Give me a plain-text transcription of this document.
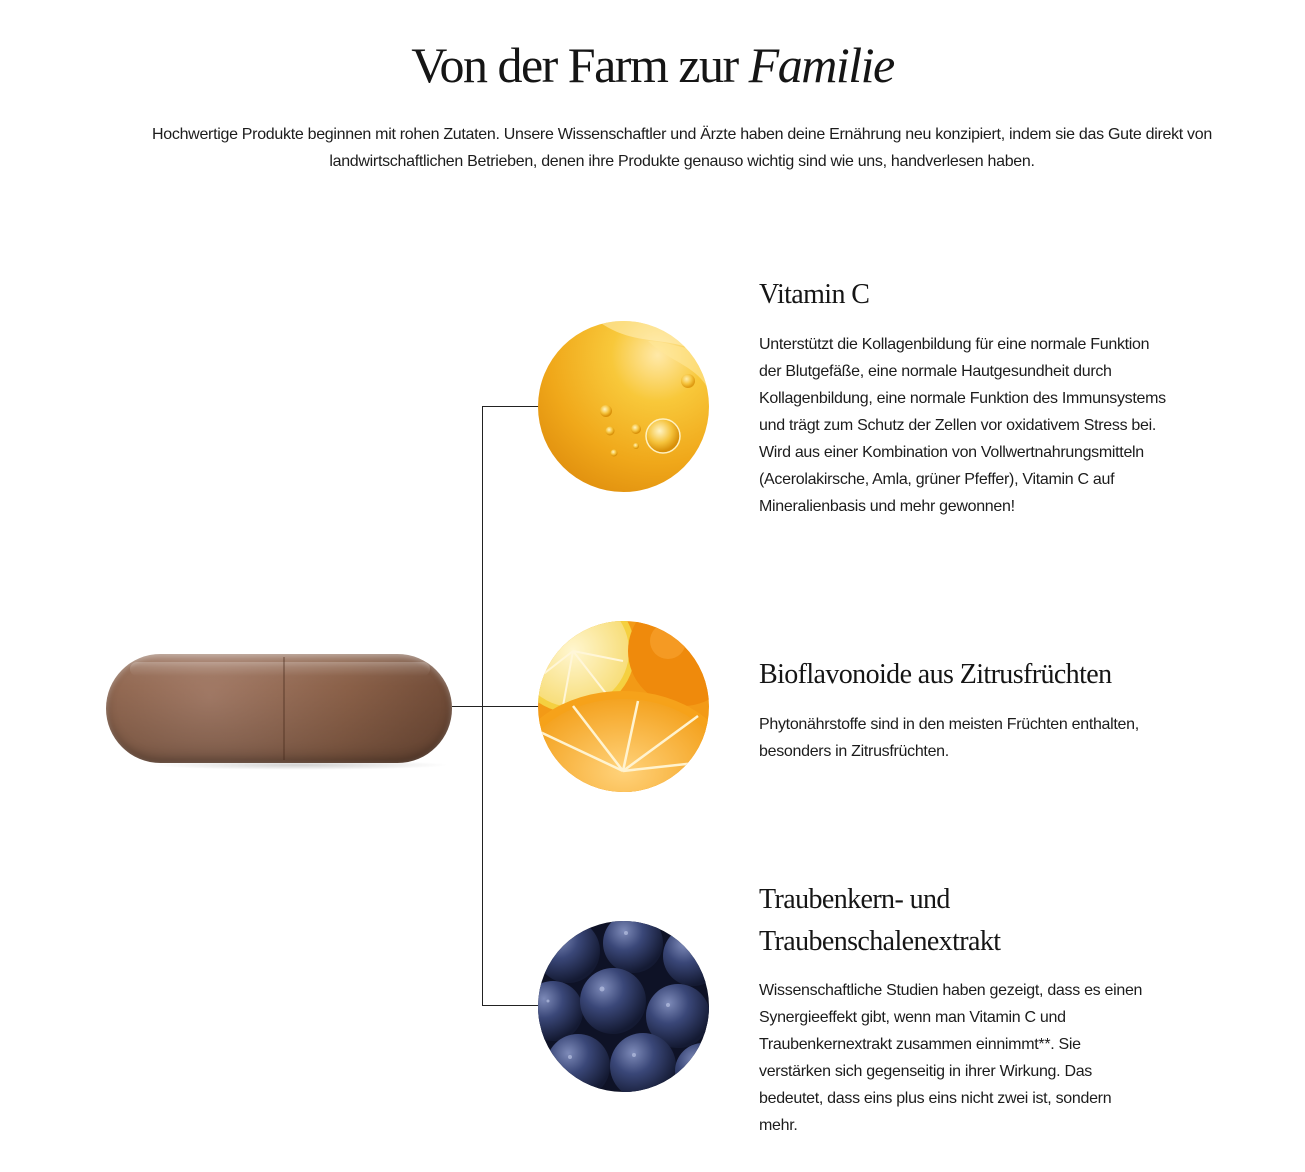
Von der Farm zur Familie

Hochwertige Produkte beginnen mit rohen Zutaten. Unsere Wissenschaftler und Ärzte haben deine Ernährung neu konzipiert, indem sie das Gute direkt von landwirtschaftlichen Betrieben, denen ihre Produkte genauso wichtig sind wie uns, handverlesen haben.

Vitamin C

Unterstützt die Kollagenbildung für eine normale Funktion der Blutgefäße, eine normale Hautgesundheit durch Kollagenbildung, eine normale Funktion des Immunsystems und trägt zum Schutz der Zellen vor oxidativem Stress bei. Wird aus einer Kombination von Vollwertnahrungsmitteln (Acerolakirsche, Amla, grüner Pfeffer), Vitamin C auf Mineralienbasis und mehr gewonnen!

Bioflavonoide aus Zitrusfrüchten

Phytonährstoffe sind in den meisten Früchten enthalten, besonders in Zitrusfrüchten.

Traubenkern- und Traubenschalenextrakt

Wissenschaftliche Studien haben gezeigt, dass es einen Synergieeffekt gibt, wenn man Vitamin C und Traubenkernextrakt zusammen einnimmt**. Sie verstärken sich gegenseitig in ihrer Wirkung. Das bedeutet, dass eins plus eins nicht zwei ist, sondern mehr.
